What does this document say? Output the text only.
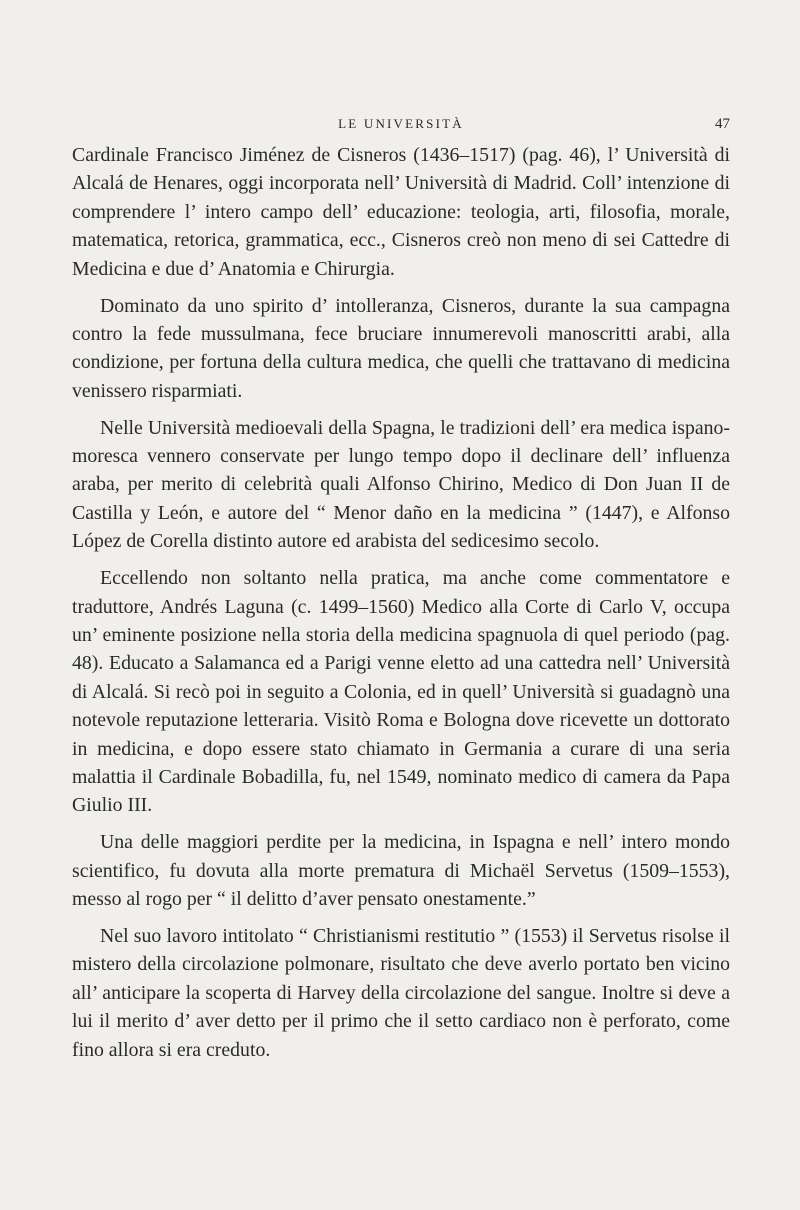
LE UNIVERSITÀ	47

Cardinale Francisco Jiménez de Cisneros (1436–1517) (pag. 46), l’ Università di Alcalá de Henares, oggi incorporata nell’ Università di Madrid. Coll’ intenzione di comprendere l’ intero campo dell’ educazione: teologia, arti, filosofia, morale, matematica, retorica, grammatica, ecc., Cisneros creò non meno di sei Cattedre di Medicina e due d’ Anatomia e Chirurgia.

Dominato da uno spirito d’ intolleranza, Cisneros, durante la sua campagna contro la fede mussulmana, fece bruciare innumerevoli manoscritti arabi, alla condizione, per fortuna della cultura medica, che quelli che trattavano di medicina venissero risparmiati.

Nelle Università medioevali della Spagna, le tradizioni dell’ era medica ispano-moresca vennero conservate per lungo tempo dopo il declinare dell’ influenza araba, per merito di celebrità quali Alfonso Chirino, Medico di Don Juan II de Castilla y León, e autore del “ Menor daño en la medicina ” (1447), e Alfonso López de Corella distinto autore ed arabista del sedicesimo secolo.

Eccellendo non soltanto nella pratica, ma anche come commentatore e traduttore, Andrés Laguna (c. 1499–1560) Medico alla Corte di Carlo V, occupa un’ eminente posizione nella storia della medicina spagnuola di quel periodo (pag. 48). Educato a Salamanca ed a Parigi venne eletto ad una cattedra nell’ Università di Alcalá. Si recò poi in seguito a Colonia, ed in quell’ Università si guadagnò una notevole reputazione letteraria. Visitò Roma e Bologna dove ricevette un dottorato in medicina, e dopo essere stato chiamato in Germania a curare di una seria malattia il Cardinale Bobadilla, fu, nel 1549, nominato medico di camera da Papa Giulio III.

Una delle maggiori perdite per la medicina, in Ispagna e nell’ intero mondo scientifico, fu dovuta alla morte prematura di Michaël Servetus (1509–1553), messo al rogo per “ il delitto d’aver pensato onestamente.”

Nel suo lavoro intitolato “ Christianismi restitutio ” (1553) il Servetus risolse il mistero della circolazione polmonare, risultato che deve averlo portato ben vicino all’ anticipare la scoperta di Harvey della circolazione del sangue. Inoltre si deve a lui il merito d’ aver detto per il primo che il setto cardiaco non è perforato, come fino allora si era creduto.
